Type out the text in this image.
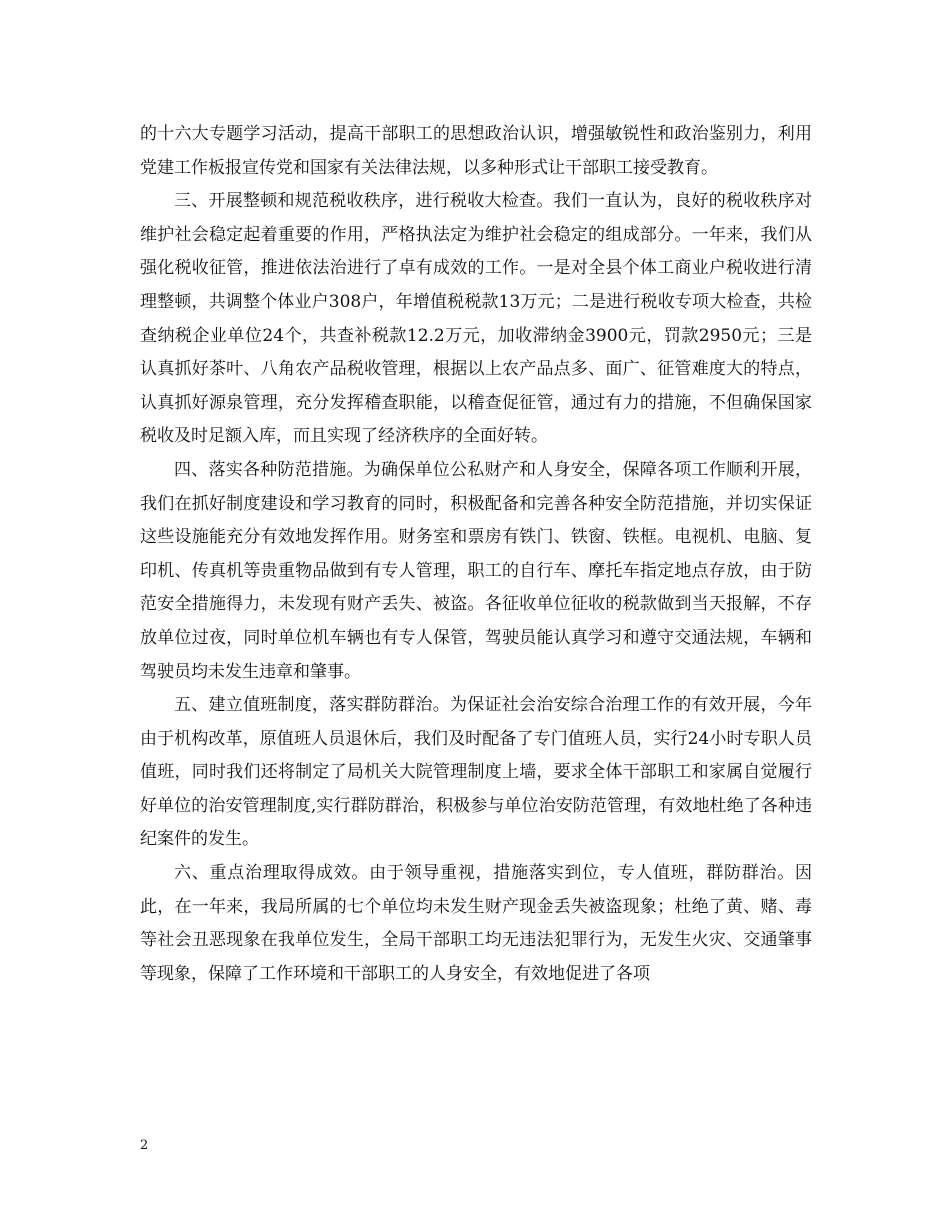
的十六大专题学习活动，提高干部职工的思想政治认识，增强敏锐性和政治鉴别力，利用党建工作板报宣传党和国家有关法律法规，以多种形式让干部职工接受教育。

三、开展整顿和规范税收秩序，进行税收大检查。我们一直认为，良好的税收秩序对维护社会稳定起着重要的作用，严格执法定为维护社会稳定的组成部分。一年来，我们从强化税收征管，推进依法治进行了卓有成效的工作。一是对全县个体工商业户税收进行清理整顿，共调整个体业户308户，年增值税税款13万元；二是进行税收专项大检查，共检查纳税企业单位24个，共查补税款12.2万元，加收滞纳金3900元，罚款2950元；三是认真抓好茶叶、八角农产品税收管理，根据以上农产品点多、面广、征管难度大的特点，认真抓好源泉管理，充分发挥稽查职能，以稽查促征管，通过有力的措施，不但确保国家税收及时足额入库，而且实现了经济秩序的全面好转。

四、落实各种防范措施。为确保单位公私财产和人身安全，保障各项工作顺利开展，我们在抓好制度建设和学习教育的同时，积极配备和完善各种安全防范措施，并切实保证这些设施能充分有效地发挥作用。财务室和票房有铁门、铁窗、铁框。电视机、电脑、复印机、传真机等贵重物品做到有专人管理，职工的自行车、摩托车指定地点存放，由于防范安全措施得力，未发现有财产丢失、被盗。各征收单位征收的税款做到当天报解，不存放单位过夜，同时单位机车辆也有专人保管，驾驶员能认真学习和遵守交通法规，车辆和驾驶员均未发生违章和肇事。

五、建立值班制度，落实群防群治。为保证社会治安综合治理工作的有效开展，今年由于机构改革，原值班人员退休后，我们及时配备了专门值班人员，实行24小时专职人员值班，同时我们还将制定了局机关大院管理制度上墙，要求全体干部职工和家属自觉履行好单位的治安管理制度,实行群防群治，积极参与单位治安防范管理，有效地杜绝了各种违纪案件的发生。

六、重点治理取得成效。由于领导重视，措施落实到位，专人值班，群防群治。因此，在一年来，我局所属的七个单位均未发生财产现金丢失被盗现象；杜绝了黄、赌、毒等社会丑恶现象在我单位发生，全局干部职工均无违法犯罪行为，无发生火灾、交通肇事等现象，保障了工作环境和干部职工的人身安全，有效地促进了各项

2
